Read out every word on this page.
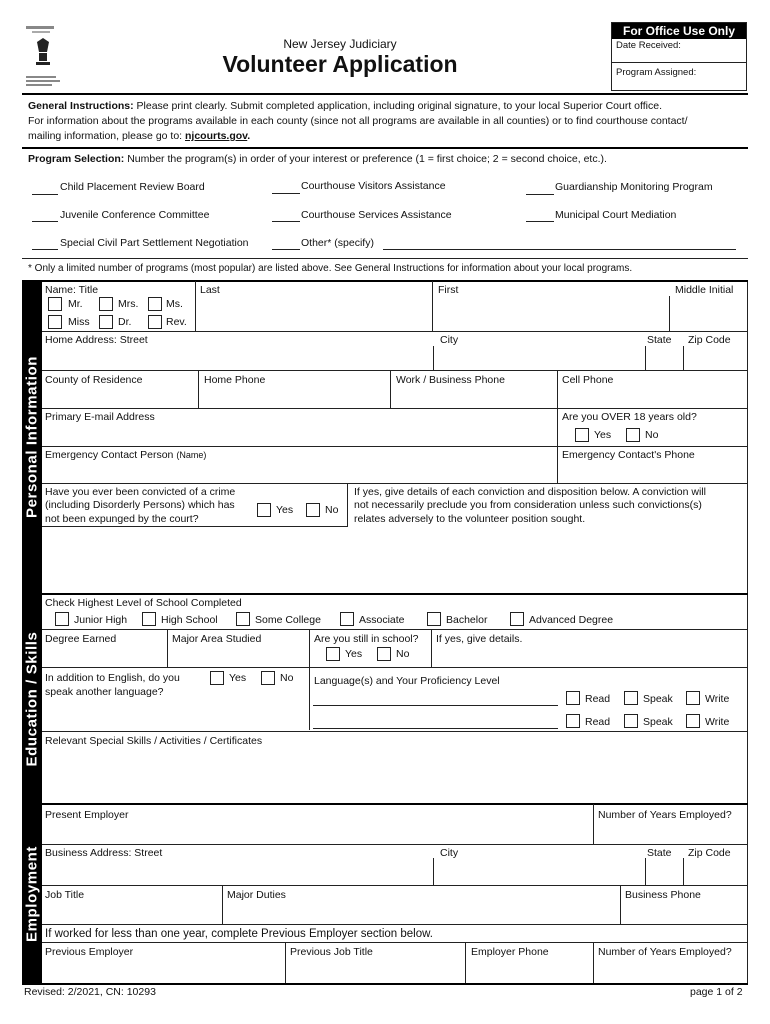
New Jersey Judiciary
Volunteer Application
For Office Use Only
Date Received:
Program Assigned:
General Instructions: Please print clearly. Submit completed application, including original signature, to your local Superior Court office.
For information about the programs available in each county (since not all programs are available in all counties) or to find courthouse contact/
mailing information, please go to: njcourts.gov.
Program Selection: Number the program(s) in order of your interest or preference (1 = first choice; 2 = second choice, etc.).
Child Placement Review Board	Courthouse Visitors Assistance	Guardianship Monitoring Program
Juvenile Conference Committee	Courthouse Services Assistance	Municipal Court Mediation
Special Civil Part Settlement Negotiation	Other* (specify)
* Only a limited number of programs (most popular) are listed above. See General Instructions for information about your local programs.
Personal Information
Education / Skills
Employment
Name: Title
Mr.	Mrs.	Ms.
Miss	Dr.	Rev.
Last	First	Middle Initial
Home Address: Street	City	State Zip Code
County of Residence	Home Phone	Work / Business Phone	Cell Phone
Primary E-mail Address	Are you OVER 18 years old?
Yes	No
Emergency Contact Person (Name)	Emergency Contact's Phone
Have you ever been convicted of a crime
(including Disorderly Persons) which has
not been expunged by the court?
Yes	No
If yes, give details of each conviction and disposition below. A conviction will
not necessarily preclude you from consideration unless such convictions(s)
relates adversely to the volunteer position sought.
Check Highest Level of School Completed
Junior High	High School	Some College	Associate	Bachelor	Advanced Degree
Degree Earned	Major Area Studied	Are you still in school?
Yes	No
If yes, give details.
In addition to English, do you
speak another language?
Yes	No Language(s) and Your Proficiency Level
Read	Speak	Write
Read	Speak	Write
Relevant Special Skills / Activities / Certificates
Present Employer	Number of Years Employed?
Business Address: Street	City	State Zip Code
Job Title	Major Duties	Business Phone
If worked for less than one year, complete Previous Employer section below.
Previous Employer	Previous Job Title	Employer Phone	Number of Years Employed?
Revised: 2/2021, CN: 10293	page 1 of 2
